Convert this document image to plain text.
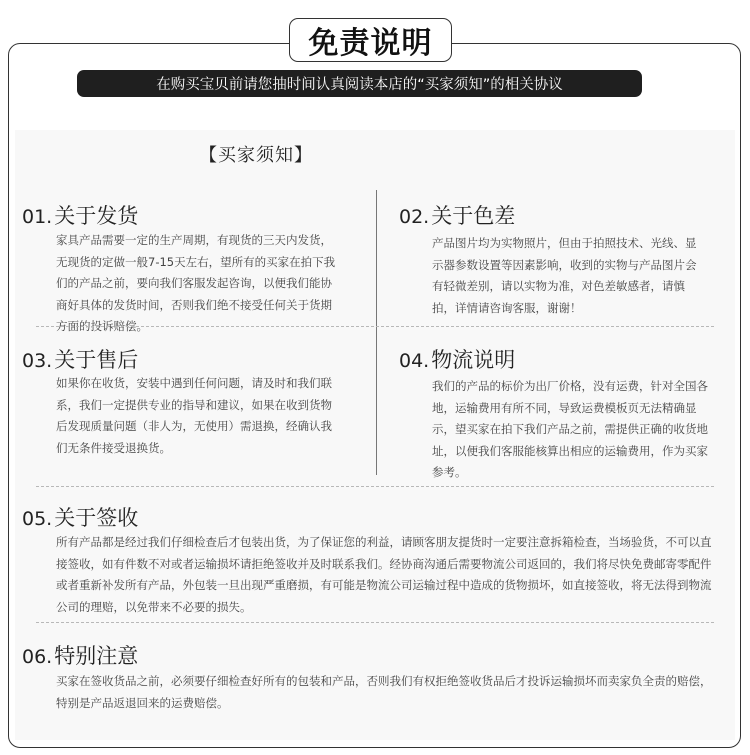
免责说明
在购买宝贝前请您抽时间认真阅读本店的“买家须知”的相关协议
【买家须知】
01. 关于发货
家具产品需要一定的生产周期，有现货的三天内发货，无现货的定做一般7-15天左右，望所有的买家在拍下我们的产品之前，要向我们客服发起咨询，以便我们能协商好具体的发货时间，否则我们绝不接受任何关于货期方面的投诉赔偿。
02. 关于色差
产品图片均为实物照片，但由于拍照技术、光线、显示器参数设置等因素影响，收到的实物与产品图片会有轻微差别，请以实物为准，对色差敏感者，请慎拍，详情请咨询客服，谢谢！
03. 关于售后
如果你在收货，安装中遇到任何问题，请及时和我们联系，我们一定提供专业的指导和建议，如果在收到货物后发现质量问题（非人为，无使用）需退换，经确认我们无条件接受退换货。
04. 物流说明
我们的产品的标价为出厂价格，没有运费，针对全国各地，运输费用有所不同，导致运费模板页无法精确显示，望买家在拍下我们产品之前，需提供正确的收货地址，以便我们客服能核算出相应的运输费用，作为买家参考。
05. 关于签收
所有产品都是经过我们仔细检查后才包装出货，为了保证您的利益，请顾客朋友提货时一定要注意拆箱检查，当场验货，不可以直接签收，如有件数不对或者运输损坏请拒绝签收并及时联系我们。经协商沟通后需要物流公司返回的，我们将尽快免费邮寄零配件或者重新补发所有产品，外包装一旦出现严重磨损，有可能是物流公司运输过程中造成的货物损坏，如直接签收，将无法得到物流公司的理赔，以免带来不必要的损失。
06. 特别注意
买家在签收货品之前，必须要仔细检查好所有的包装和产品，否则我们有权拒绝签收货品后才投诉运输损坏而卖家负全责的赔偿，特别是产品返退回来的运费赔偿。
